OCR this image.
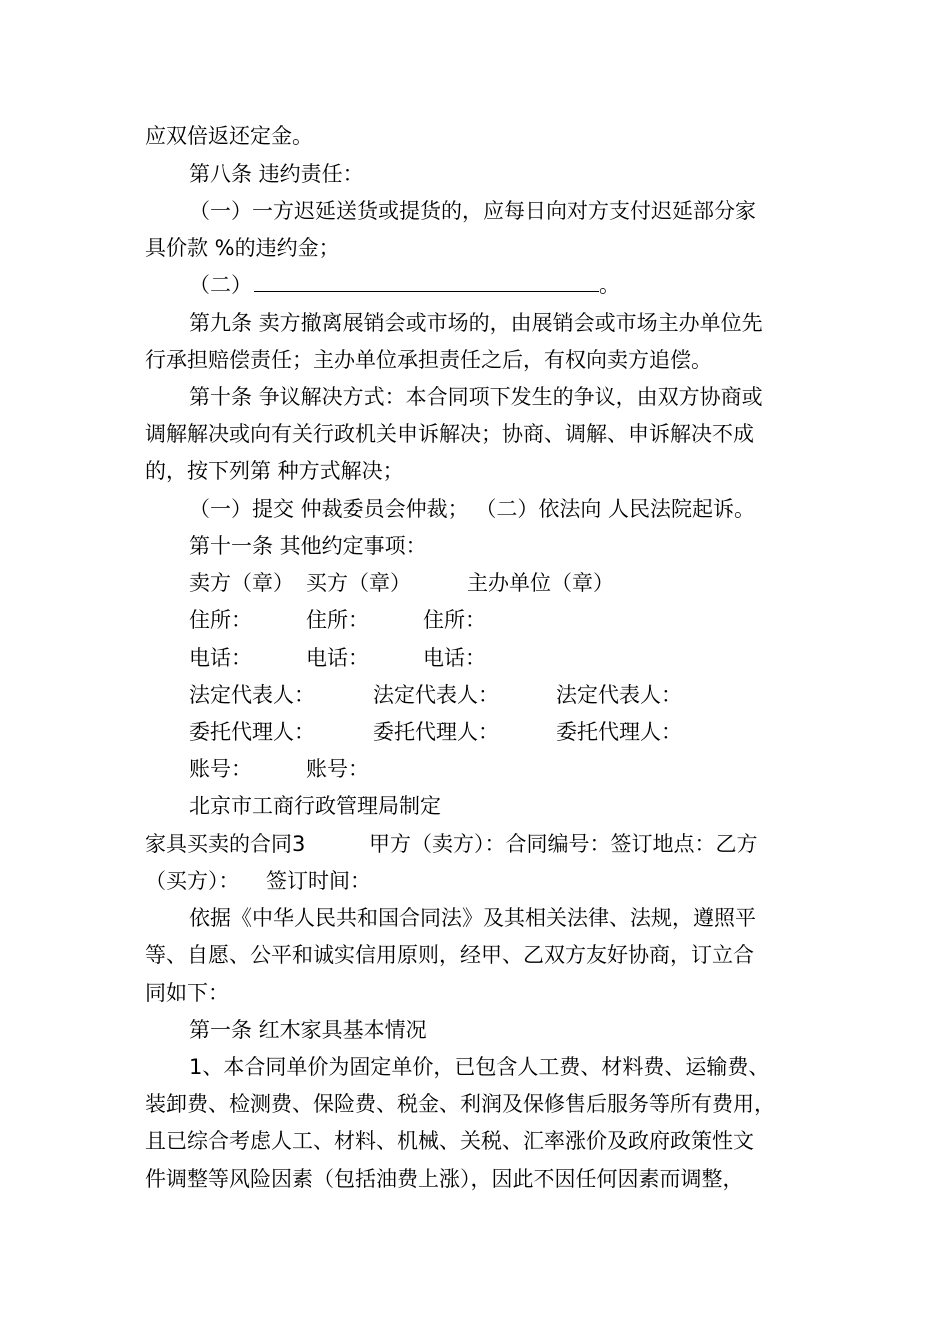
应双倍返还定金。
第八条 违约责任：
（一）一方迟延送货或提货的，应每日向对方支付迟延部分家
具价款 %的违约金；
（二）	。
第九条 卖方撤离展销会或市场的，由展销会或市场主办单位先
行承担赔偿责任；主办单位承担责任之后，有权向卖方追偿。
第十条 争议解决方式：本合同项下发生的争议，由双方协商或
调解解决或向有关行政机关申诉解决；协商、调解、申诉解决不成
的，按下列第 种方式解决；
（一）提交 仲裁委员会仲裁； （二）依法向 人民法院起诉。
第十一条 其他约定事项：
卖方（章） 买方（章）	主办单位（章）
住所：	住所：	住所：
电话：	电话：	电话：
法定代表人：	法定代表人：	法定代表人：
委托代理人：	委托代理人：	委托代理人：
账号：	账号：
北京市工商行政管理局制定
家具买卖的合同3	甲方（卖方）：合同编号：签订地点：乙方
（买方）： 签订时间：
依据《中华人民共和国合同法》及其相关法律、法规，遵照平
等、自愿、公平和诚实信用原则，经甲、乙双方友好协商，订立合
同如下：
第一条 红木家具基本情况
1、本合同单价为固定单价，已包含人工费、材料费、运输费、
装卸费、检测费、保险费、税金、利润及保修售后服务等所有费用，
且已综合考虑人工、材料、机械、关税、汇率涨价及政府政策性文
件调整等风险因素（包括油费上涨），因此不因任何因素而调整，
